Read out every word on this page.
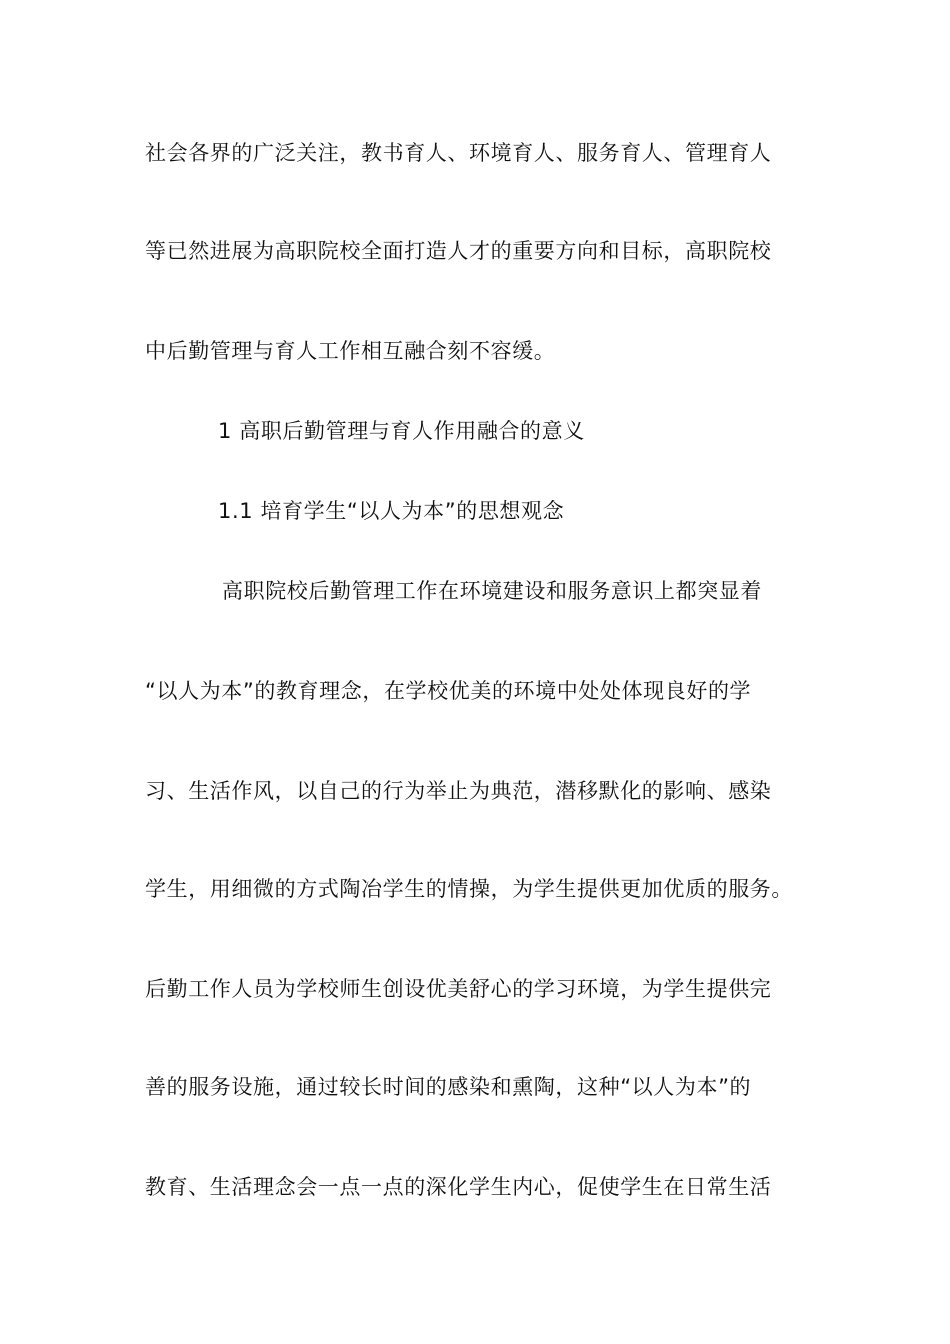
社会各界的广泛关注，教书育人、环境育人、服务育人、管理育人
等已然进展为高职院校全面打造人才的重要方向和目标，高职院校
中后勤管理与育人工作相互融合刻不容缓。
1 高职后勤管理与育人作用融合的意义
1.1 培育学生“以人为本”的思想观念
高职院校后勤管理工作在环境建设和服务意识上都突显着
“以人为本”的教育理念，在学校优美的环境中处处体现良好的学
习、生活作风，以自己的行为举止为典范，潜移默化的影响、感染
学生，用细微的方式陶冶学生的情操，为学生提供更加优质的服务。
后勤工作人员为学校师生创设优美舒心的学习环境，为学生提供完
善的服务设施，通过较长时间的感染和熏陶，这种“以人为本”的
教育、生活理念会一点一点的深化学生内心，促使学生在日常生活
